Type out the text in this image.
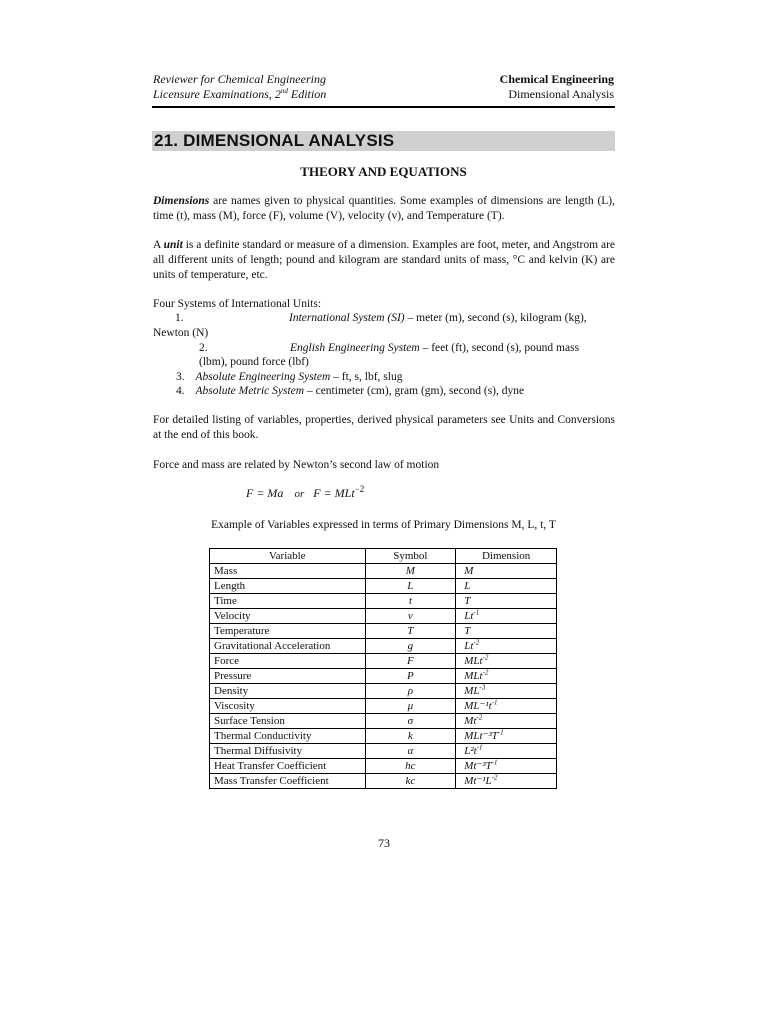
Reviewer for Chemical Engineering
Licensure Examinations, 2nd Edition
Chemical Engineering
Dimensional Analysis
21. DIMENSIONAL ANALYSIS
THEORY AND EQUATIONS
Dimensions are names given to physical quantities. Some examples of dimensions are length (L), time (t), mass (M), force (F), volume (V), velocity (v), and Temperature (T).
A unit is a definite standard or measure of a dimension. Examples are foot, meter, and Angstrom are all different units of length; pound and kilogram are standard units of mass, °C and kelvin (K) are units of temperature, etc.
Four Systems of International Units:
1.	International System (SI) – meter (m), second (s), kilogram (kg),
Newton (N)
2.	English Engineering System – feet (ft), second (s), pound mass
(lbm), pound force (lbf)
3. Absolute Engineering System – ft, s, lbf, slug
4. Absolute Metric System – centimeter (cm), gram (gm), second (s), dyne
For detailed listing of variables, properties, derived physical parameters see Units and Conversions at the end of this book.
Force and mass are related by Newton’s second law of motion
F = Ma or F = MLt$^{-2}$
Example of Variables expressed in terms of Primary Dimensions M, L, t, T
Variable	Symbol	Dimension
Mass	M	M
Length	L	L
Time	t	T
Velocity	v	$Lt^{-1}$
Temperature	T	T
Gravitational Acceleration	g	$Lt^{-2}$
Force	F	MLt$^{-2}$
Pressure	P	MLt$^{-2}$
Density	ρ	$ML^{-3}$
Viscosity	μ	$ML^{-1}t^{-1}$
Surface Tension	σ	$Mt^{-2}$
Thermal Conductivity	k	$MLt^{-3}T^{-1}$
Thermal Diffusivity	α	$L^2t^{-1}$
Heat Transfer Coefficient	hc	$Mt^{-3}T^{-1}$
Mass Transfer Coefficient	kc	$Mt^{-1}L^{-2}$
73
